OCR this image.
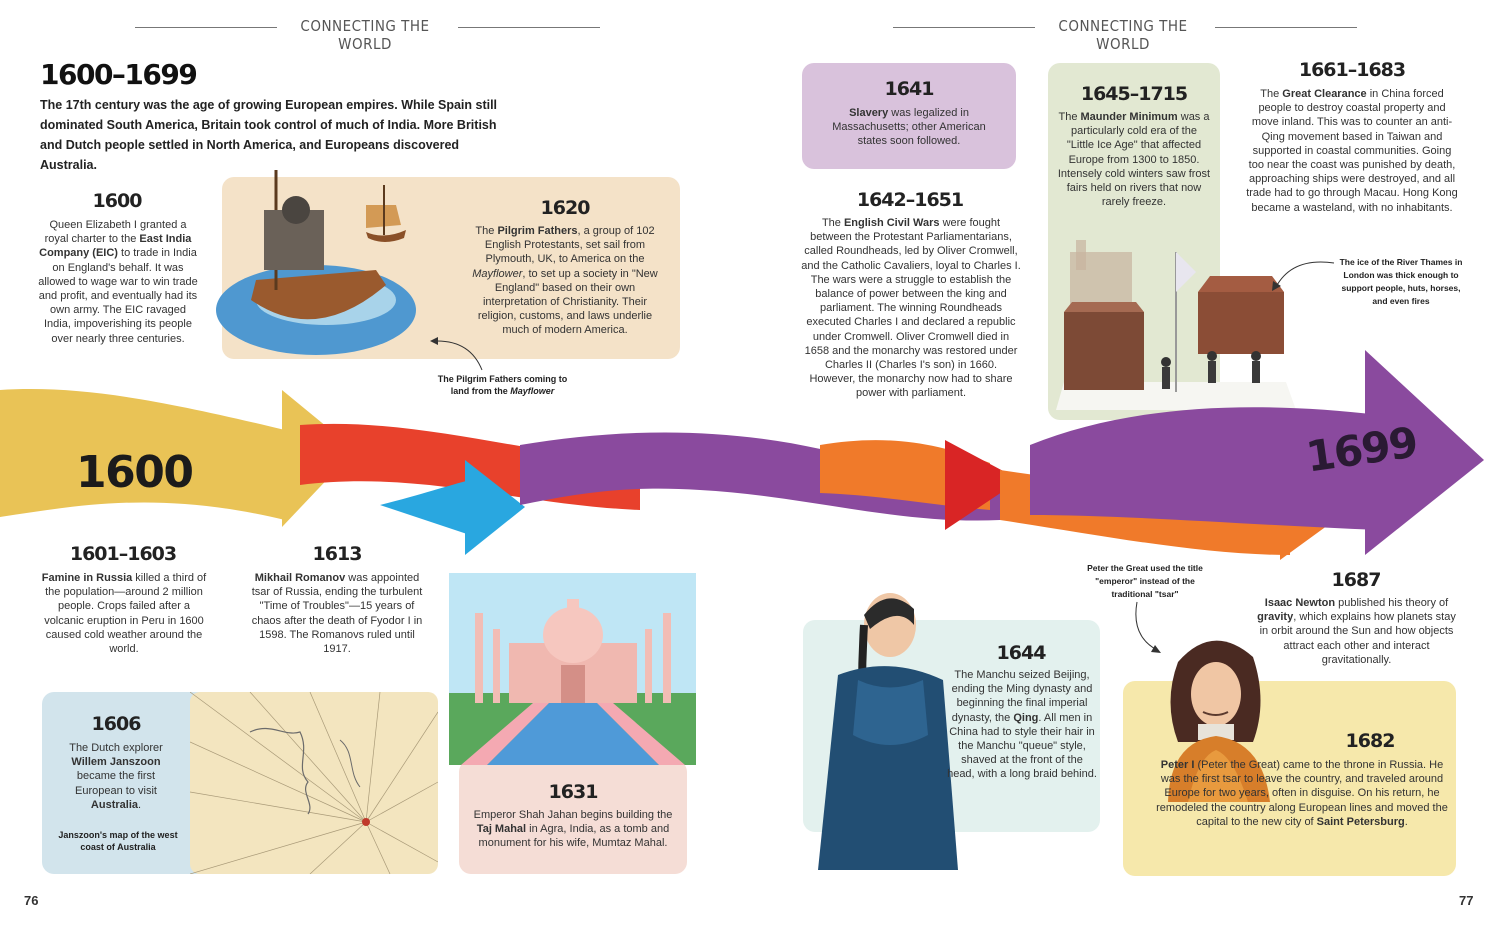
CONNECTING THE WORLD
CONNECTING THE WORLD
1600–1699
The 17th century was the age of growing European empires. While Spain still dominated South America, Britain took control of much of India. More British and Dutch people settled in North America, and Europeans discovered Australia.
1600	1699
1600
Queen Elizabeth I granted a royal charter to the East India Company (EIC) to trade in India on England's behalf. It was allowed to wage war to win trade and profit, and eventually had its own army. The EIC ravaged India, impoverishing its people over nearly three centuries.
1620
The Pilgrim Fathers, a group of 102 English Protestants, set sail from Plymouth, UK, to America on the Mayflower, to set up a society in "New England" based on their own interpretation of Christianity. Their religion, customs, and laws underlie much of modern America.
The Pilgrim Fathers coming to land from the Mayflower
1601–1603
Famine in Russia killed a third of the population—around 2 million people. Crops failed after a volcanic eruption in Peru in 1600 caused cold weather around the world.
1613
Mikhail Romanov was appointed tsar of Russia, ending the turbulent "Time of Troubles"—15 years of chaos after the death of Fyodor I in 1598. The Romanovs ruled until 1917.
1606
The Dutch explorer Willem Janszoon became the first European to visit Australia.
Janszoon's map of the west coast of Australia
1631
Emperor Shah Jahan begins building the Taj Mahal in Agra, India, as a tomb and monument for his wife, Mumtaz Mahal.
1641
Slavery was legalized in Massachusetts; other American states soon followed.
1642–1651
The English Civil Wars were fought between the Protestant Parliamentarians, called Roundheads, led by Oliver Cromwell, and the Catholic Cavaliers, loyal to Charles I. The wars were a struggle to establish the balance of power between the king and parliament. The winning Roundheads executed Charles I and declared a republic under Cromwell. Oliver Cromwell died in 1658 and the monarchy was restored under Charles II (Charles I's son) in 1660. However, the monarchy now had to share power with parliament.
1645–1715
The Maunder Minimum was a particularly cold era of the "Little Ice Age" that affected Europe from 1300 to 1850. Intensely cold winters saw frost fairs held on rivers that now rarely freeze.
1661–1683
The Great Clearance in China forced people to destroy coastal property and move inland. This was to counter an anti-Qing movement based in Taiwan and supported in coastal communities. Going too near the coast was punished by death, approaching ships were destroyed, and all trade had to go through Macau. Hong Kong became a wasteland, with no inhabitants.
The ice of the River Thames in London was thick enough to support people, huts, horses, and even fires
1644
The Manchu seized Beijing, ending the Ming dynasty and beginning the final imperial dynasty, the Qing. All men in China had to style their hair in the Manchu "queue" style, shaved at the front of the head, with a long braid behind.
1687
Isaac Newton published his theory of gravity, which explains how planets stay in orbit around the Sun and how objects attract each other and interact gravitationally.
Peter the Great used the title "emperor" instead of the traditional "tsar"
1682
Peter I (Peter the Great) came to the throne in Russia. He was the first tsar to leave the country, and traveled around Europe for two years, often in disguise. On his return, he remodeled the country along European lines and moved the capital to the new city of Saint Petersburg.
76	77
